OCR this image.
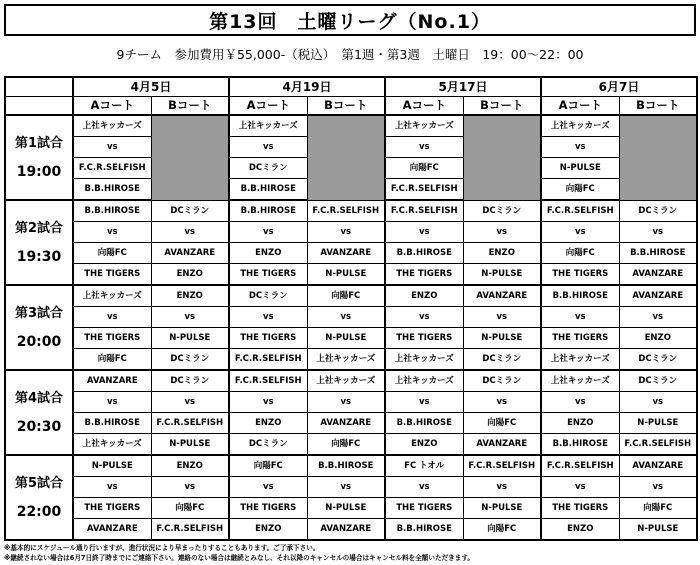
第13回　土曜リーグ（No.1）
9チーム　参加費用￥55,000-（税込）　第1週・第3週　土曜日　19：00〜22：00
	4月5日		4月19日		5月17日		6月7日	
	Aコート	Bコート	Aコート	Bコート	Aコート	Bコート	Aコート	Bコート

第1試合
19:00	上社キッカーズ		上社キッカーズ		上社キッカーズ		上社キッカーズ	
	vs		vs		vs		vs	
	F.C.R.SELFISH		DCミラン		向陽FC		N-PULSE	
	B.B.HIROSE		B.B.HIROSE		F.C.R.SELFISH		向陽FC	

第2試合
19:30	B.B.HIROSE	DCミラン	B.B.HIROSE	F.C.R.SELFISH	F.C.R.SELFISH	DCミラン	F.C.R.SELFISH	DCミラン
	vs	vs	vs	vs	vs	vs	vs	vs
	向陽FC	AVANZARE	ENZO	AVANZARE	B.B.HIROSE	ENZO	向陽FC	B.B.HIROSE
	THE TIGERS	ENZO	THE TIGERS	N-PULSE	THE TIGERS	N-PULSE	THE TIGERS	AVANZARE

第3試合
20:00	上社キッカーズ	ENZO	DCミラン	向陽FC	ENZO	AVANZARE	B.B.HIROSE	AVANZARE
	vs	vs	vs	vs	vs	vs	vs	vs
	THE TIGERS	N-PULSE	THE TIGERS	N-PULSE	THE TIGERS	N-PULSE	THE TIGERS	ENZO
	向陽FC	DCミラン	F.C.R.SELFISH	上社キッカーズ	上社キッカーズ	DCミラン	上社キッカーズ	DCミラン

第4試合
20:30	AVANZARE	DCミラン	F.C.R.SELFISH	上社キッカーズ	上社キッカーズ	DCミラン	上社キッカーズ	DCミラン
	vs	vs	vs	vs	vs	vs	vs	vs
	B.B.HIROSE	F.C.R.SELFISH	ENZO	AVANZARE	B.B.HIROSE	向陽FC	ENZO	N-PULSE
	上社キッカーズ	N-PULSE	DCミラン	向陽FC	ENZO	AVANZARE	B.B.HIROSE	F.C.R.SELFISH

第5試合
22:00	N-PULSE	ENZO	向陽FC	B.B.HIROSE	FC トオル	F.C.R.SELFISH	F.C.R.SELFISH	AVANZARE
	vs	vs	vs	vs	vs	vs	vs	vs
	THE TIGERS	向陽FC	THE TIGERS	N-PULSE	THE TIGERS	N-PULSE	THE TIGERS	向陽FC
	AVANZARE	F.C.R.SELFISH	ENZO	AVANZARE	B.B.HIROSE	向陽FC	ENZO	N-PULSE
※基本的にスケジュール通り行いますが、進行状況により早まったりすることもあります。ご了承下さい。
※継続されない場合は6月7日終了時までにご連絡下さい。連絡のない場合は継続とみなし、それ以降のキャンセルの場合はキャンセル料を全額いただきます。
